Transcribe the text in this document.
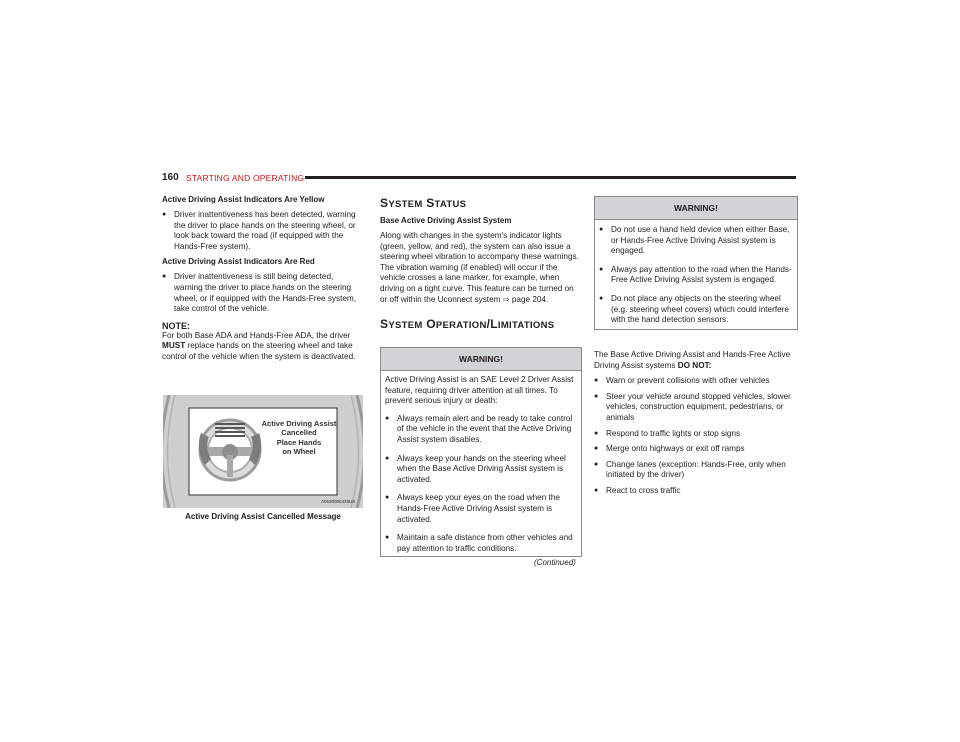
160 STARTING AND OPERATING
Active Driving Assist Indicators Are Yellow
● Driver inattentiveness has been detected, warning the driver to place hands on the steering wheel, or look back toward the road (if equipped with the Hands-Free system).
Active Driving Assist Indicators Are Red
● Driver inattentiveness is still being detected, warning the driver to place hands on the steering wheel, or if equipped with the Hands-Free system, take control of the vehicle.
NOTE:
For both Base ADA and Hands-Free ADA, the driver MUST replace hands on the steering wheel and take control of the vehicle when the system is deactivated.
Active Driving Assist
Cancelled
Place Hands
on Wheel
A0630000433US
Active Driving Assist Cancelled Message
SYSTEM STATUS
Base Active Driving Assist System
Along with changes in the system's indicator lights (green, yellow, and red), the system can also issue a steering wheel vibration to accompany these warnings. The vibration warning (if enabled) will occur if the vehicle crosses a lane marker, for example, when driving on a tight curve. This feature can be turned on or off within the Uconnect system ⇨ page 204.
SYSTEM OPERATION/LIMITATIONS
WARNING!
Active Driving Assist is an SAE Level 2 Driver Assist feature, requiring driver attention at all times. To prevent serious injury or death:
● Always remain alert and be ready to take control of the vehicle in the event that the Active Driving Assist system disables.
● Always keep your hands on the steering wheel when the Base Active Driving Assist system is activated.
● Always keep your eyes on the road when the Hands-Free Active Driving Assist system is activated.
● Maintain a safe distance from other vehicles and pay attention to traffic conditions.
(Continued)
WARNING!
● Do not use a hand held device when either Base, or Hands-Free Active Driving Assist system is engaged.
● Always pay attention to the road when the Hands-Free Active Driving Assist system is engaged.
● Do not place any objects on the steering wheel (e.g. steering wheel covers) which could interfere with the hand detection sensors.
The Base Active Driving Assist and Hands-Free Active Driving Assist systems DO NOT:
● Warn or prevent collisions with other vehicles
● Steer your vehicle around stopped vehicles, slower vehicles, construction equipment, pedestrians, or animals
● Respond to traffic lights or stop signs
● Merge onto highways or exit off ramps
● Change lanes (exception: Hands-Free, only when initiated by the driver)
● React to cross traffic
